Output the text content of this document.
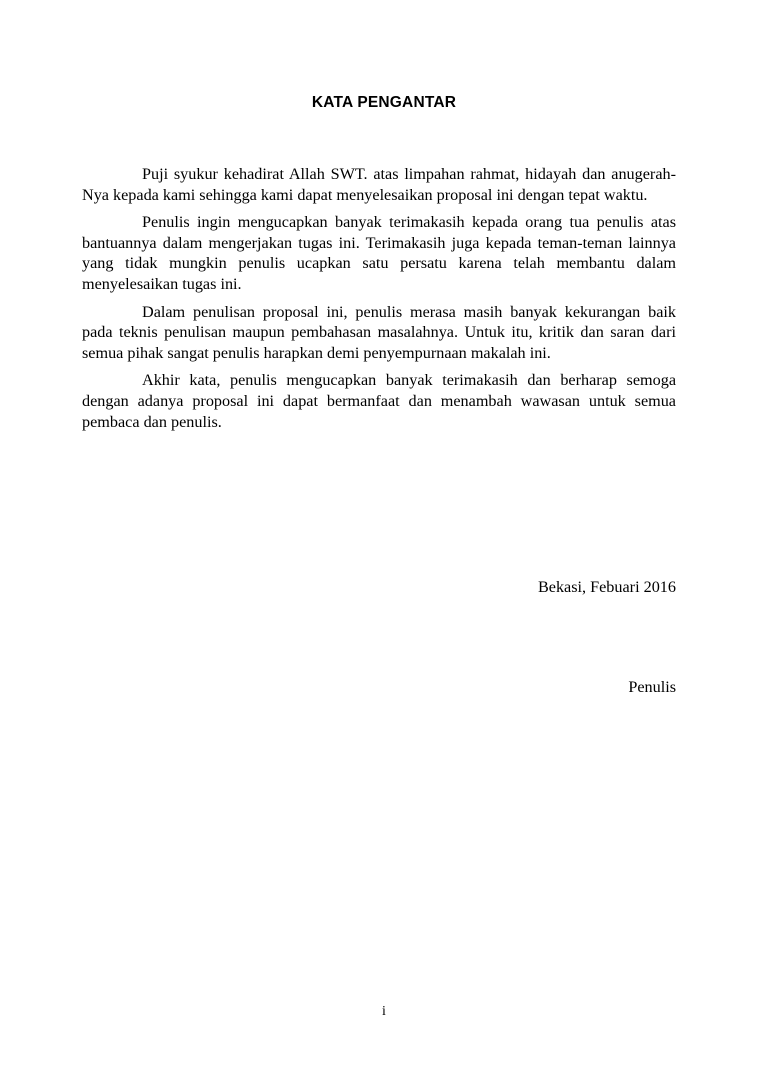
KATA PENGANTAR

Puji syukur kehadirat Allah SWT. atas limpahan rahmat, hidayah dan anugerah-Nya kepada kami sehingga kami dapat menyelesaikan proposal ini dengan tepat waktu.

Penulis ingin mengucapkan banyak terimakasih kepada orang tua penulis atas bantuannya dalam mengerjakan tugas ini. Terimakasih juga kepada teman-teman lainnya yang tidak mungkin penulis ucapkan satu persatu karena telah membantu dalam menyelesaikan tugas ini.

Dalam penulisan proposal ini, penulis merasa masih banyak kekurangan baik pada teknis penulisan maupun pembahasan masalahnya. Untuk itu, kritik dan saran dari semua pihak sangat penulis harapkan demi penyempurnaan makalah ini.

Akhir kata, penulis mengucapkan banyak terimakasih dan berharap semoga dengan adanya proposal ini dapat bermanfaat dan menambah wawasan untuk semua pembaca dan penulis.

Bekasi, Febuari 2016
Penulis
i
